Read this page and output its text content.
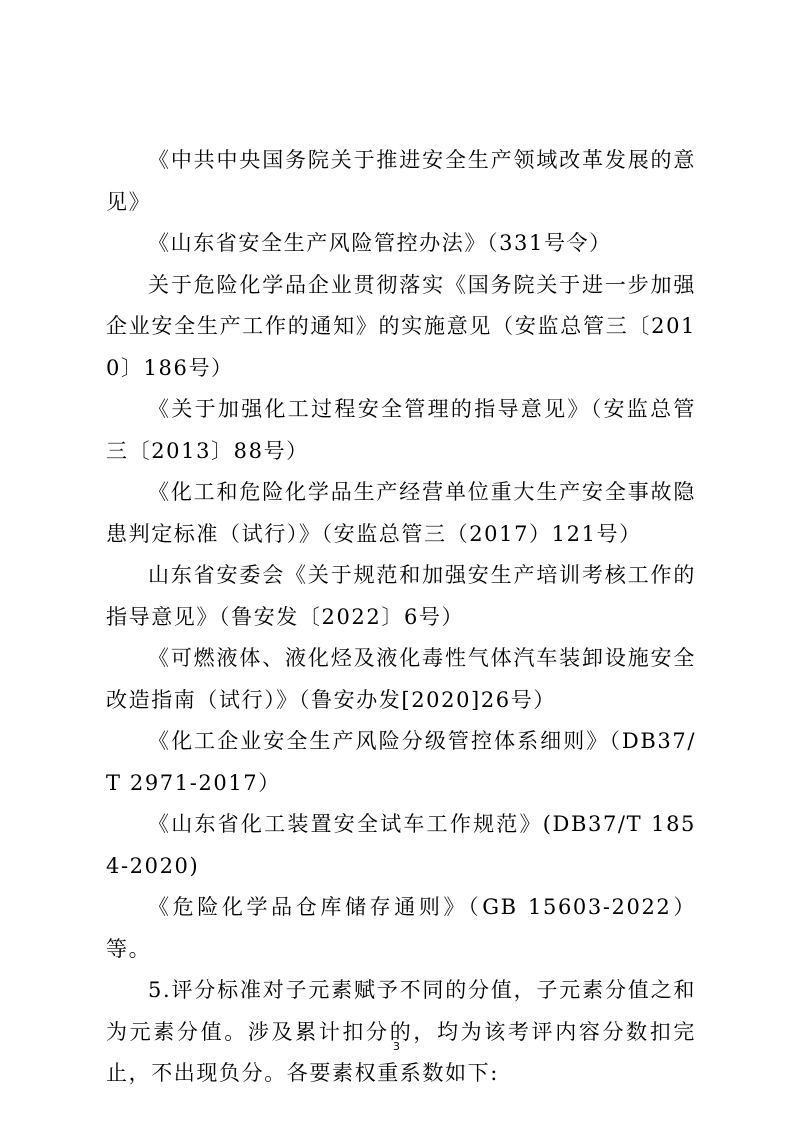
《中共中央国务院关于推进安全生产领域改革发展的意见》

《山东省安全生产风险管控办法》（331号令）

关于危险化学品企业贯彻落实《国务院关于进一步加强企业安全生产工作的通知》的实施意见（安监总管三〔2010〕186号）

《关于加强化工过程安全管理的指导意见》（安监总管三〔2013〕88号）

《化工和危险化学品生产经营单位重大生产安全事故隐患判定标准（试行）》（安监总管三（2017）121号）

山东省安委会《关于规范和加强安生产培训考核工作的指导意见》（鲁安发〔2022〕6号）

《可燃液体、液化烃及液化毒性气体汽车装卸设施安全改造指南（试行）》（鲁安办发[2020]26号）

《化工企业安全生产风险分级管控体系细则》（DB37/T 2971-2017）

《山东省化工装置安全试车工作规范》(DB37/T 1854-2020)

《危险化学品仓库储存通则》（GB 15603-2022）等。

5.评分标准对子元素赋予不同的分值，子元素分值之和为元素分值。涉及累计扣分的，均为该考评内容分数扣完止，不出现负分。各要素权重系数如下:

3
